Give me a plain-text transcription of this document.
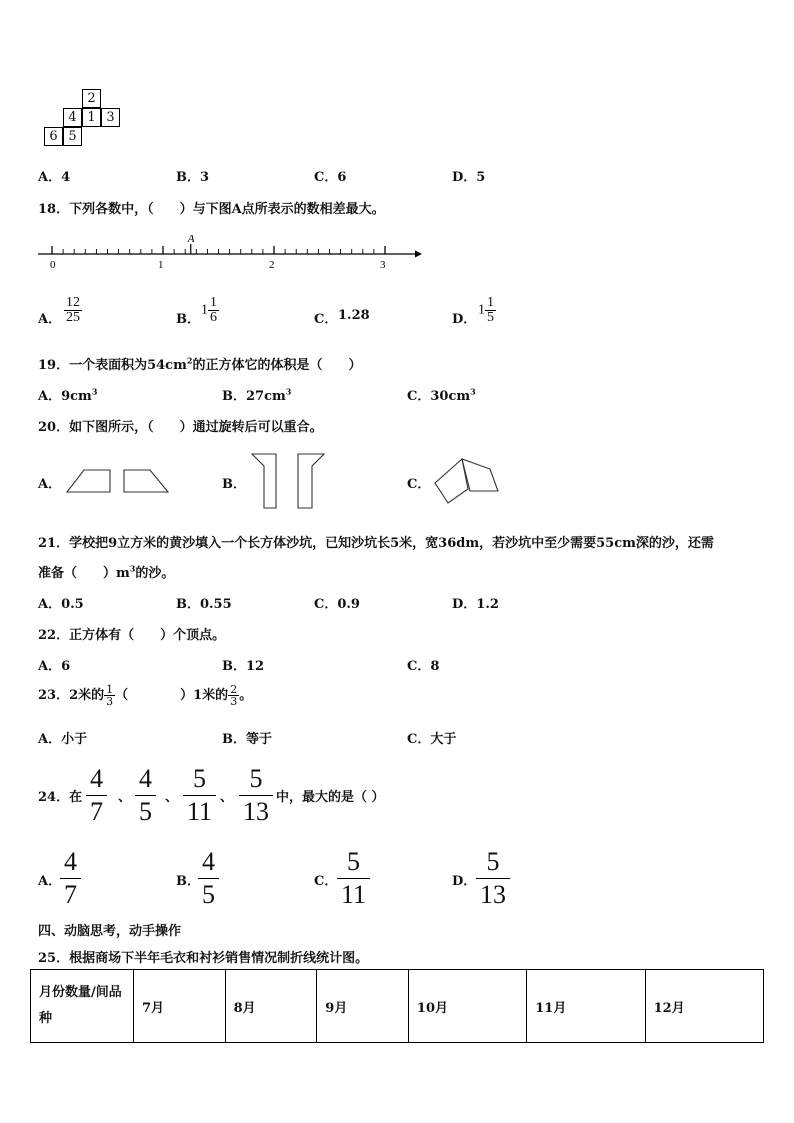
2
4 1 3
6 5
A．4	B．3	C．6	D．5
18．下列各数中，（　　）与下图A点所表示的数相差最大。
0	1	2	3
A
A． $\frac{12}{25}$	B．
$1 \frac{1}{6}$	C． 1.28	D．
$1 \frac{1}{5}$
19．一个表面积为$54cm^2$的正方体它的体积是（　　）
A．$9cm^3$	B．$27cm^3$	C．$30cm^3$
20．如下图所示，（　　）通过旋转后可以重合。
A．	B．	C．
21．学校把9立方米的黄沙填入一个长方体沙坑，已知沙坑长5米，宽36dm，若沙坑中至少需要55cm深的沙，还需
准备（　　）$m^3$的沙。
A．0.5	B．0.55	C．0.9	D．1.2
22．正方体有（　　）个顶点。
A．6	B．12	C．8
23．2米的 $\frac{1}{3}$ （　　　　）1米的 $\frac{2}{3}$ 。
A．小于	B．等于	C．大于
24．在
4
7	、
4
5	、
5
11 、
5
13 中，最大的是（ ）
A．
4
7	B．
4
5	C．
5
11	D．
5
13
四、动脑思考，动手操作
25．根据商场下半年毛衣和衬衫销售情况制折线统计图。
月份数量/间品
种	7月	8月	9月	10月	11月	12月
